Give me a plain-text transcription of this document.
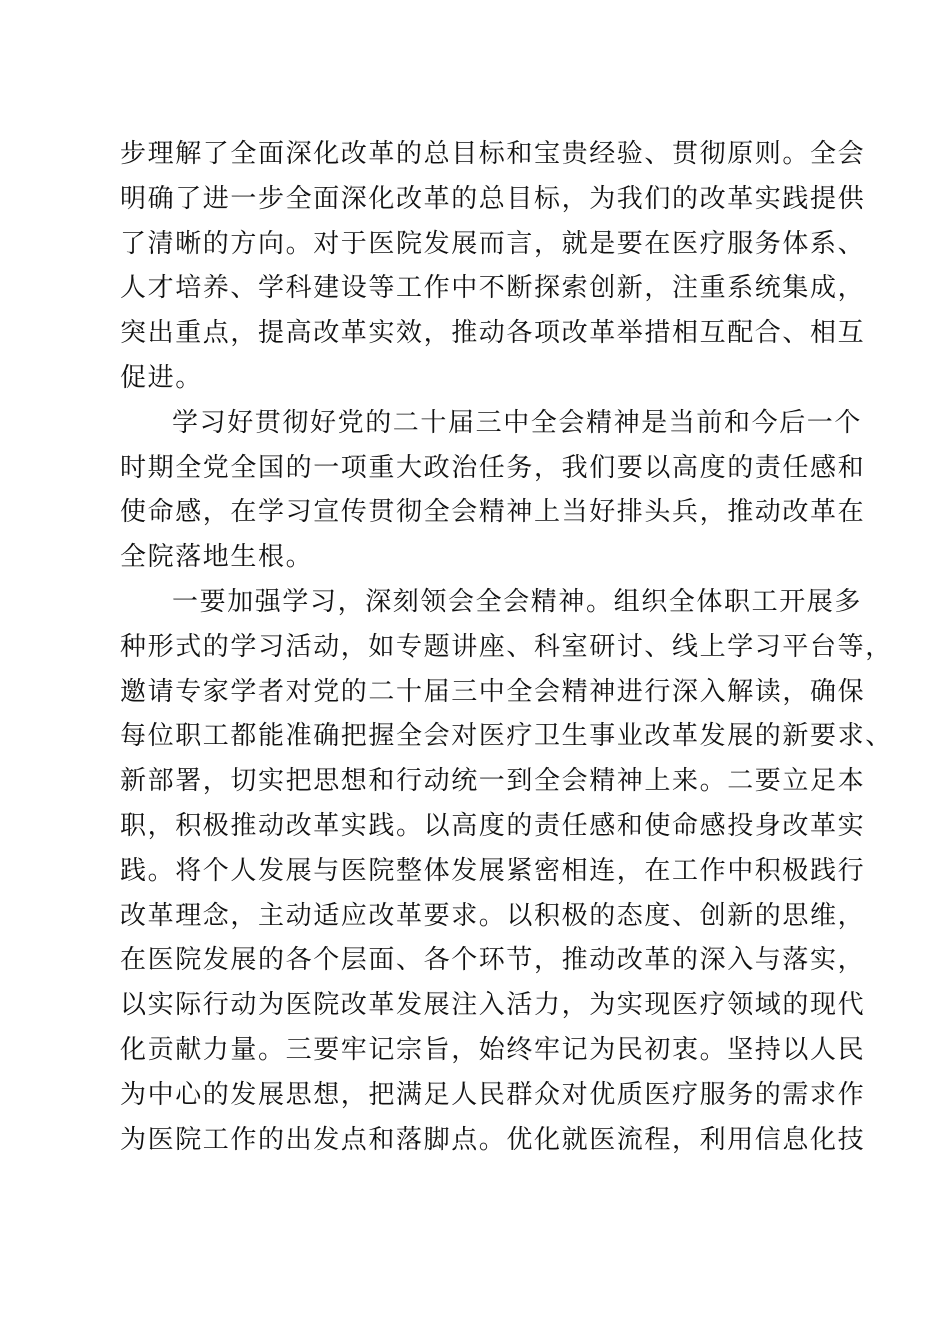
步理解了全面深化改革的总目标和宝贵经验、贯彻原则。全会
明确了进一步全面深化改革的总目标，为我们的改革实践提供
了清晰的方向。对于医院发展而言，就是要在医疗服务体系、
人才培养、学科建设等工作中不断探索创新，注重系统集成，
突出重点，提高改革实效，推动各项改革举措相互配合、相互
促进。
学习好贯彻好党的二十届三中全会精神是当前和今后一个
时期全党全国的一项重大政治任务，我们要以高度的责任感和
使命感，在学习宣传贯彻全会精神上当好排头兵，推动改革在
全院落地生根。
一要加强学习，深刻领会全会精神。组织全体职工开展多
种形式的学习活动，如专题讲座、科室研讨、线上学习平台等，
邀请专家学者对党的二十届三中全会精神进行深入解读，确保
每位职工都能准确把握全会对医疗卫生事业改革发展的新要求、
新部署，切实把思想和行动统一到全会精神上来。二要立足本
职，积极推动改革实践。以高度的责任感和使命感投身改革实
践。将个人发展与医院整体发展紧密相连，在工作中积极践行
改革理念，主动适应改革要求。以积极的态度、创新的思维，
在医院发展的各个层面、各个环节，推动改革的深入与落实，
以实际行动为医院改革发展注入活力，为实现医疗领域的现代
化贡献力量。三要牢记宗旨，始终牢记为民初衷。坚持以人民
为中心的发展思想，把满足人民群众对优质医疗服务的需求作
为医院工作的出发点和落脚点。优化就医流程，利用信息化技
